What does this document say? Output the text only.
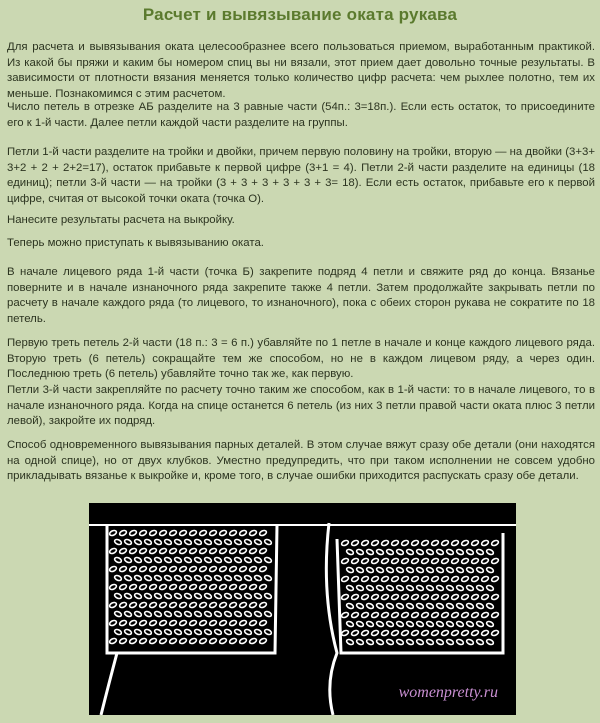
Расчет и вывязывание оката рукава

Для расчета и вывязывания оката целесообразнее всего пользоваться приемом, выработанным практикой. Из какой бы пряжи и каким бы номером спиц вы ни вязали, этот прием дает довольно точные результаты. В зависимости от плотности вязания меняется только количество цифр расчета: чем рыхлее полотно, тем их меньше. Познакомимся с этим расчетом.

Число петель в отрезке АБ разделите на 3 равные части (54п.: 3=18п.). Если есть остаток, то присоедините его к 1-й части. Далее петли каждой части разделите на группы.

Петли 1-й части разделите на тройки и двойки, причем первую половину на тройки, вторую — на двойки (3+3+ 3+2 + 2 + 2+2=17), остаток прибавьте к первой цифре (3+1 = 4). Петли 2-й части разделите на единицы (18 единиц); петли 3-й части — на тройки (3 + 3 + 3 + 3 + 3 + 3= 18). Если есть остаток, прибавьте его к первой цифре, считая от высокой точки оката (точка О).

Нанесите результаты расчета на выкройку.

Теперь можно приступать к вывязыванию оката.

В начале лицевого ряда 1-й части (точка Б) закрепите подряд 4 петли и свяжите ряд до конца. Вязанье поверните и в начале изнаночного ряда закрепите также 4 петли. Затем продолжайте закрывать петли по расчету в начале каждого ряда (то лицевого, то изнаночного), пока с обеих сторон рукава не сократите по 18 петель.

Первую треть петель 2-й части (18 п.: 3 = 6 п.) убавляйте по 1 петле в начале и конце каждого лицевого ряда. Вторую треть (6 петель) сокращайте тем же способом, но не в каждом лицевом ряду, а через один. Последнюю треть (6 петель) убавляйте точно так же, как первую.

Петли 3-й части закрепляйте по расчету точно таким же способом, как в 1-й части: то в начале лицевого, то в начале изнаночного ряда. Когда на спице останется 6 петель (из них 3 петли правой части оката плюс 3 петли левой), закройте их подряд.

Способ одновременного вывязывания парных деталей. В этом случае вяжут сразу обе детали (они находятся на одной спице), но от двух клубков. Уместно предупредить, что при таком исполнении не совсем удобно прикладывать вязанье к выкройке и, кроме того, в случае ошибки приходится распускать сразу обе детали.

womenpretty.ru
